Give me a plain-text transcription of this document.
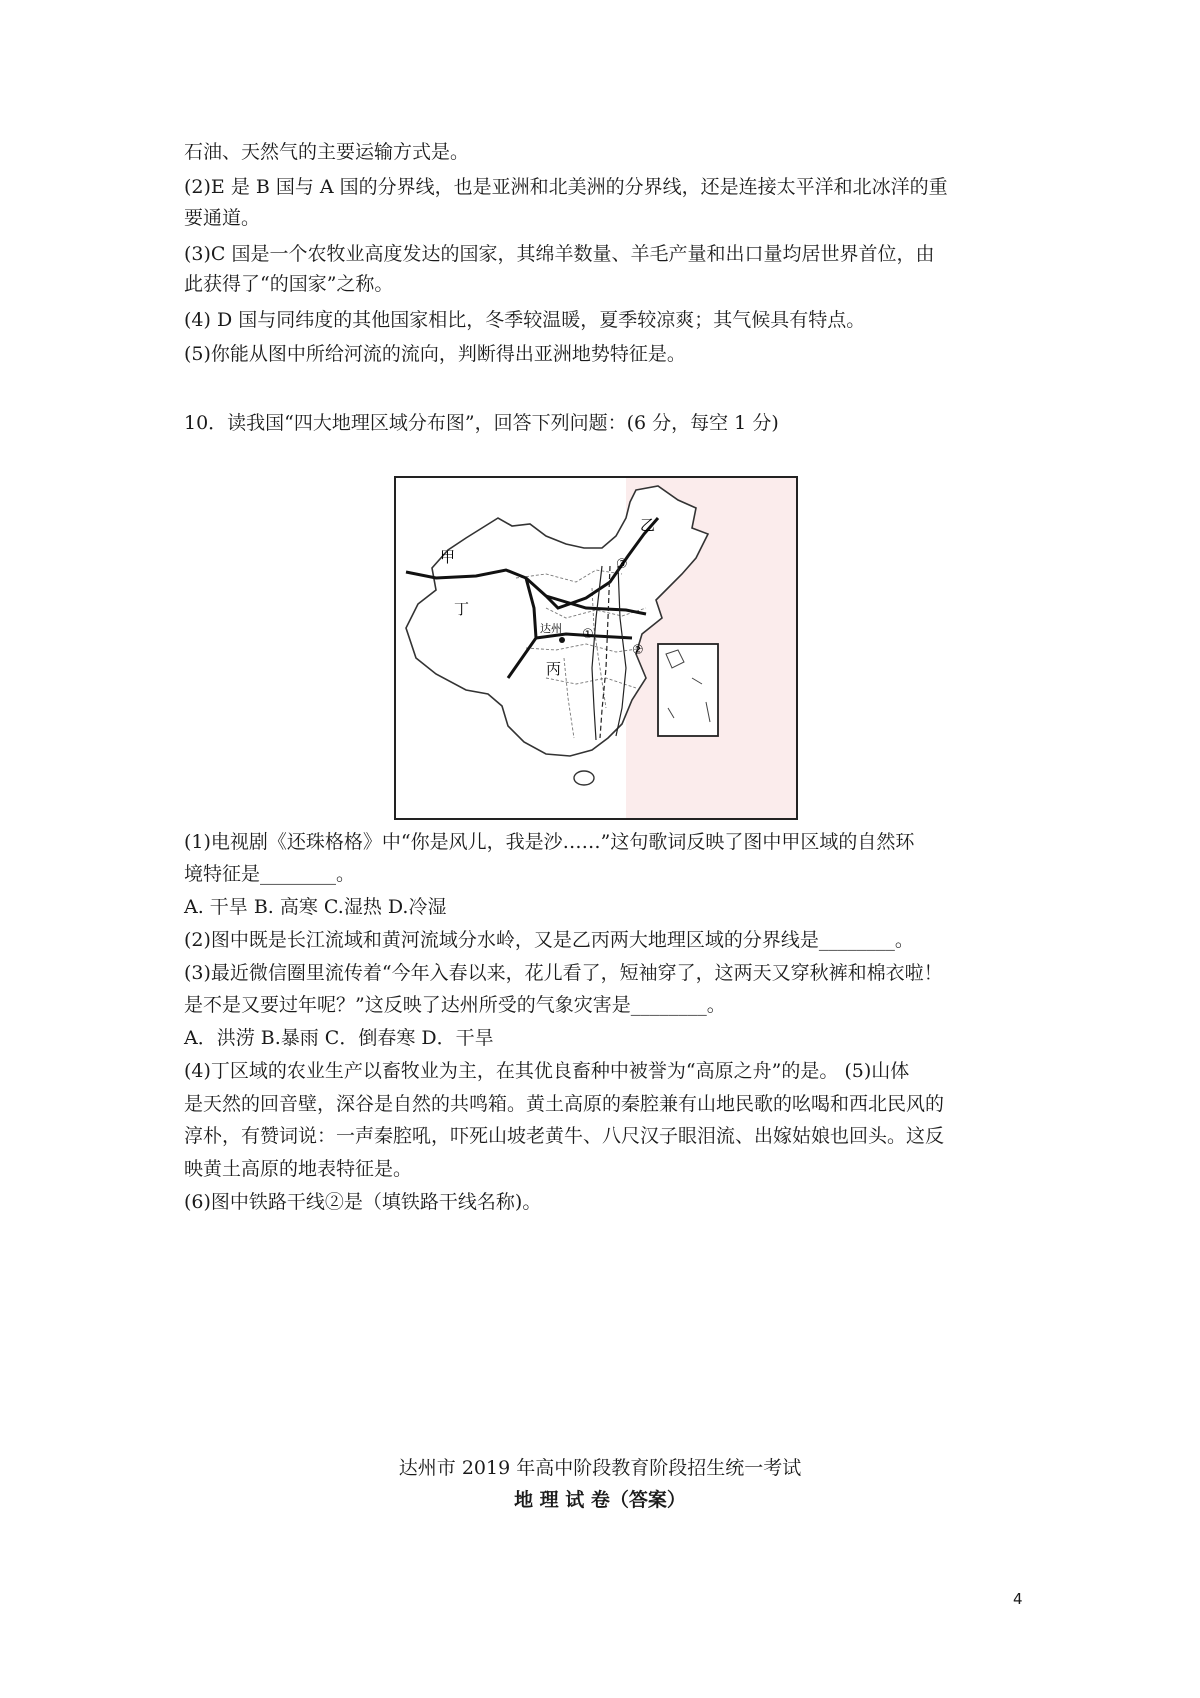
石油、天然气的主要运输方式是。
(2)E 是 B 国与 A 国的分界线，也是亚洲和北美洲的分界线，还是连接太平洋和北冰洋的重
要通道。
(3)C 国是一个农牧业高度发达的国家，其绵羊数量、羊毛产量和出口量均居世界首位，由
此获得了“的国家”之称。
(4) D 国与同纬度的其他国家相比，冬季较温暖，夏季较凉爽；其气候具有特点。
(5)你能从图中所给河流的流向，判断得出亚洲地势特征是。
10．读我国“四大地理区域分布图”，回答下列问题：(6 分，每空 1 分)
甲
乙
丙
丁
达州 ①
②
③
(1)电视剧《还珠格格》中“你是风儿，我是沙……”这句歌词反映了图中甲区域的自然环
境特征是________。
A. 干旱 B. 高寒 C.湿热 D.冷湿
(2)图中既是长江流域和黄河流域分水岭，又是乙丙两大地理区域的分界线是________。
(3)最近微信圈里流传着“今年入春以来，花儿看了，短袖穿了，这两天又穿秋裤和棉衣啦！
是不是又要过年呢？”这反映了达州所受的气象灾害是________。
A．洪涝 B.暴雨 C．倒春寒 D．干旱
(4)丁区域的农业生产以畜牧业为主，在其优良畜种中被誉为“高原之舟”的是。 (5)山体
是天然的回音壁，深谷是自然的共鸣箱。黄土高原的秦腔兼有山地民歌的吆喝和西北民风的
淳朴，有赞词说：一声秦腔吼，吓死山坡老黄牛、八尺汉子眼泪流、出嫁姑娘也回头。这反
映黄土高原的地表特征是。
(6)图中铁路干线②是（填铁路干线名称)。
达州市 2019 年高中阶段教育阶段招生统一考试
地 理 试 卷（答案）
4
